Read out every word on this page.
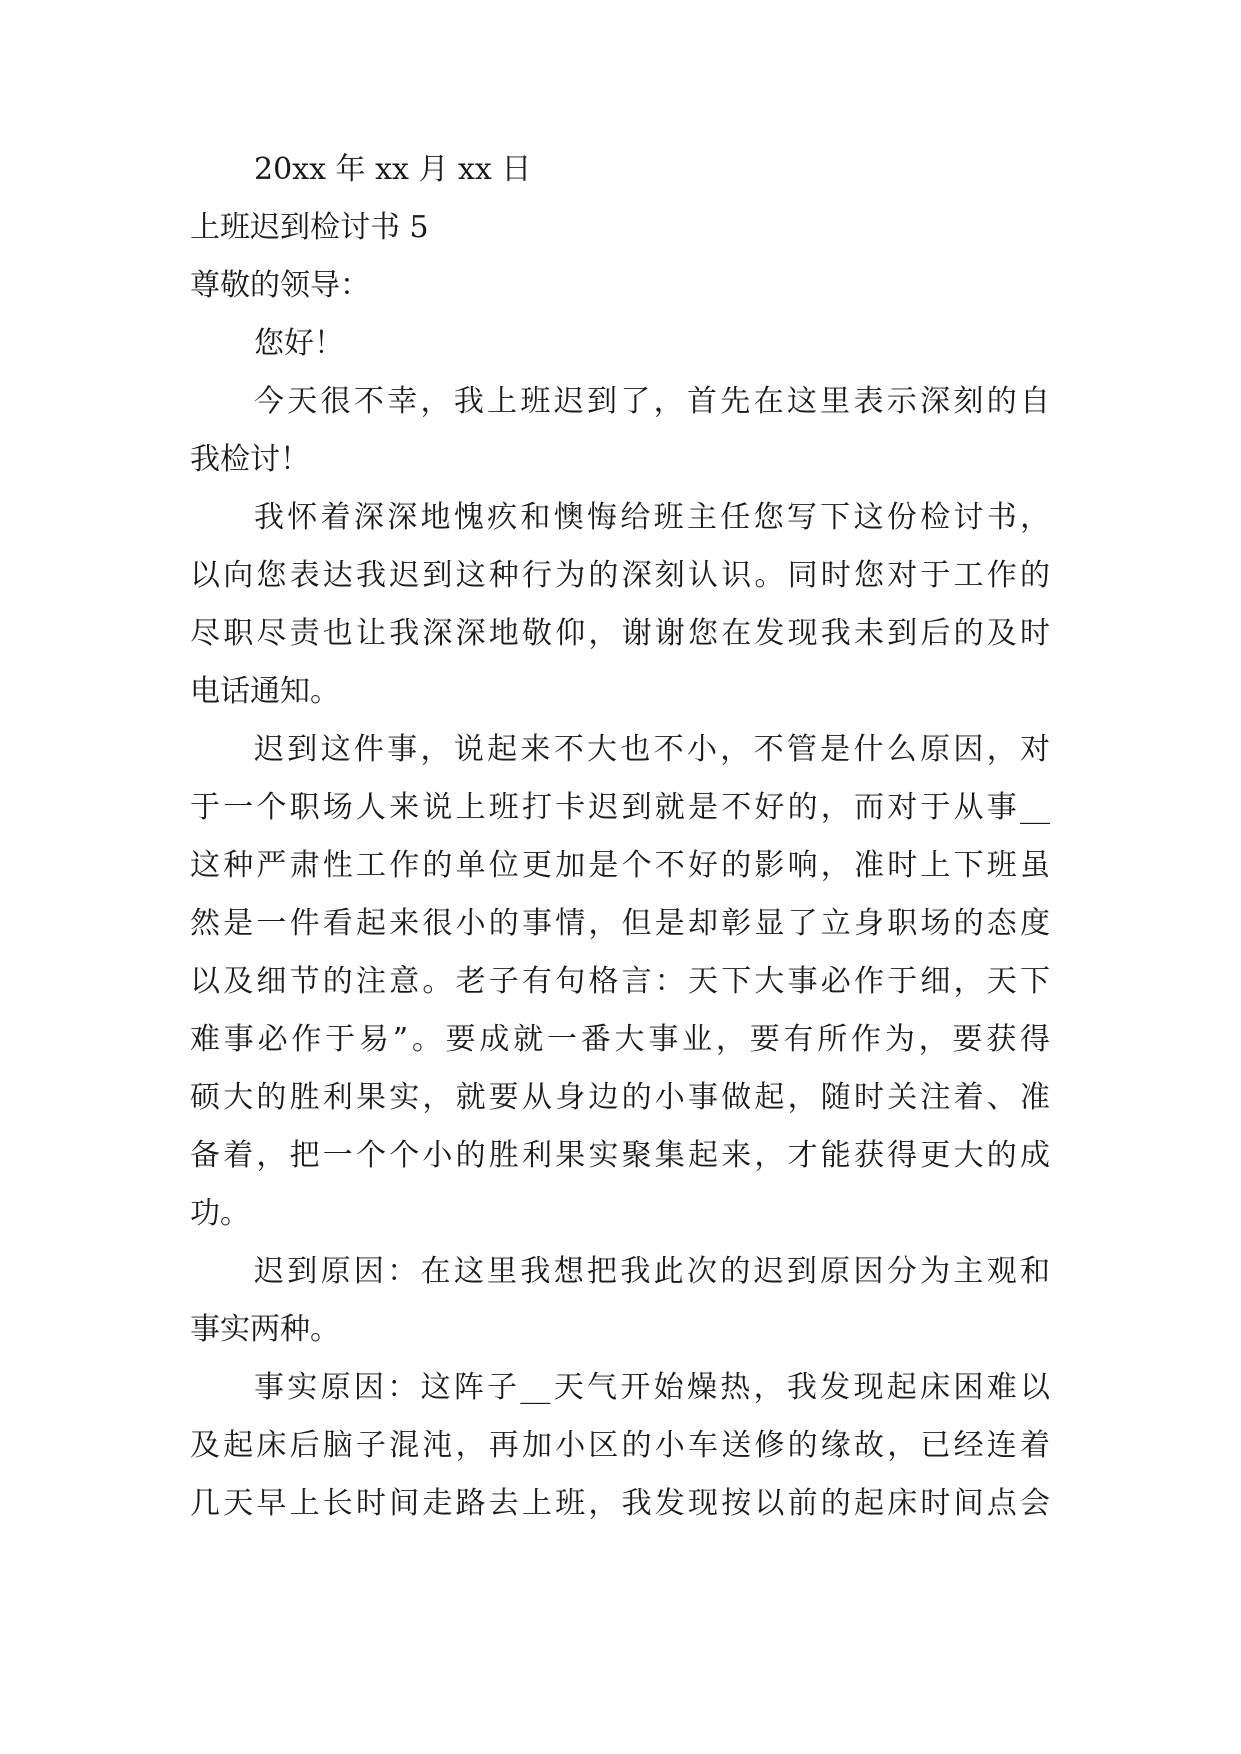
20xx 年 xx 月 xx 日
上班迟到检讨书 5
尊敬的领导：
您好！
今天很不幸，我上班迟到了，首先在这里表示深刻的自
我检讨！
我怀着深深地愧疚和懊悔给班主任您写下这份检讨书，
以向您表达我迟到这种行为的深刻认识。同时您对于工作的
尽职尽责也让我深深地敬仰，谢谢您在发现我未到后的及时
电话通知。
迟到这件事，说起来不大也不小，不管是什么原因，对
于一个职场人来说上班打卡迟到就是不好的，而对于从事__
这种严肃性工作的单位更加是个不好的影响，准时上下班虽
然是一件看起来很小的事情，但是却彰显了立身职场的态度
以及细节的注意。老子有句格言：天下大事必作于细，天下
难事必作于易”。要成就一番大事业，要有所作为，要获得
硕大的胜利果实，就要从身边的小事做起，随时关注着、准
备着，把一个个小的胜利果实聚集起来，才能获得更大的成
功。
迟到原因：在这里我想把我此次的迟到原因分为主观和
事实两种。
事实原因：这阵子__天气开始燥热，我发现起床困难以
及起床后脑子混沌，再加小区的小车送修的缘故，已经连着
几天早上长时间走路去上班，我发现按以前的起床时间点会
